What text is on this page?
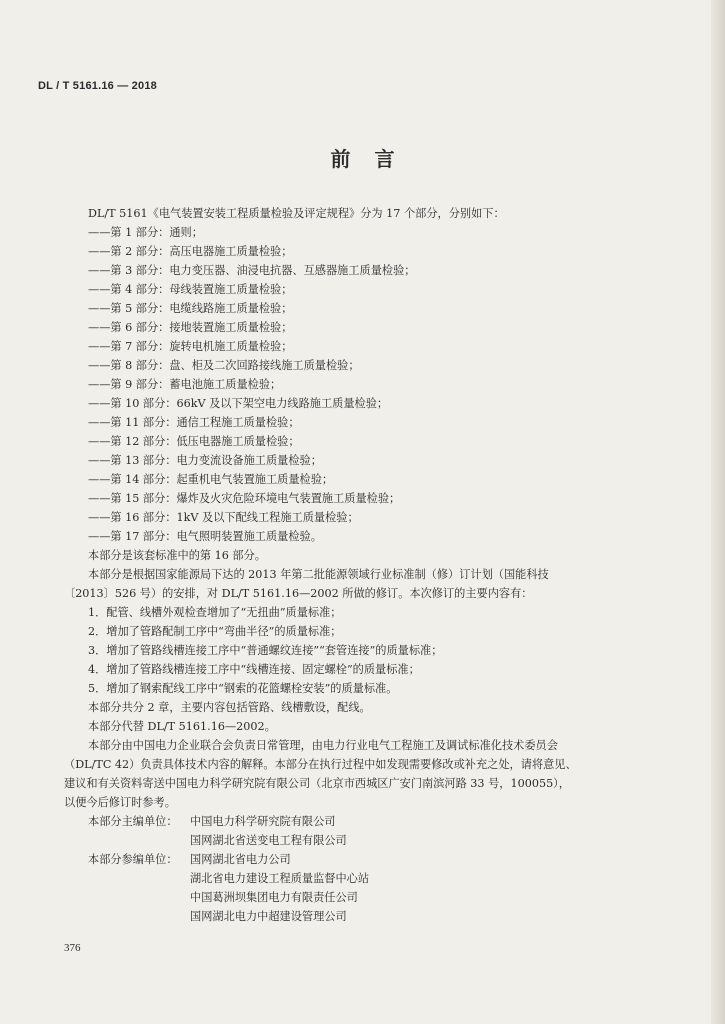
DL / T 5161.16 — 2018
前言
DL/T 5161《电气装置安装工程质量检验及评定规程》分为 17 个部分，分别如下：
——第 1 部分：通则；
——第 2 部分：高压电器施工质量检验；
——第 3 部分：电力变压器、油浸电抗器、互感器施工质量检验；
——第 4 部分：母线装置施工质量检验；
——第 5 部分：电缆线路施工质量检验；
——第 6 部分：接地装置施工质量检验；
——第 7 部分：旋转电机施工质量检验；
——第 8 部分：盘、柜及二次回路接线施工质量检验；
——第 9 部分：蓄电池施工质量检验；
——第 10 部分：66kV 及以下架空电力线路施工质量检验；
——第 11 部分：通信工程施工质量检验；
——第 12 部分：低压电器施工质量检验；
——第 13 部分：电力变流设备施工质量检验；
——第 14 部分：起重机电气装置施工质量检验；
——第 15 部分：爆炸及火灾危险环境电气装置施工质量检验；
——第 16 部分：1kV 及以下配线工程施工质量检验；
——第 17 部分：电气照明装置施工质量检验。
本部分是该套标准中的第 16 部分。
本部分是根据国家能源局下达的 2013 年第二批能源领域行业标准制（修）订计划（国能科技
〔2013〕526 号）的安排，对 DL/T 5161.16—2002 所做的修订。本次修订的主要内容有：
1．配管、线槽外观检查增加了“无扭曲”质量标准；
2．增加了管路配制工序中“弯曲半径”的质量标准；
3．增加了管路线槽连接工序中“普通螺纹连接”“套管连接”的质量标准；
4．增加了管路线槽连接工序中“线槽连接、固定螺栓”的质量标准；
5．增加了钢索配线工序中“钢索的花篮螺栓安装”的质量标准。
本部分共分 2 章，主要内容包括管路、线槽敷设，配线。
本部分代替 DL/T 5161.16—2002。
本部分由中国电力企业联合会负责日常管理，由电力行业电气工程施工及调试标准化技术委员会
（DL/TC 42）负责具体技术内容的解释。本部分在执行过程中如发现需要修改或补充之处，请将意见、
建议和有关资料寄送中国电力科学研究院有限公司（北京市西城区广安门南滨河路 33 号，100055），
以便今后修订时参考。
本部分主编单位： 中国电力科学研究院有限公司
国网湖北省送变电工程有限公司
本部分参编单位： 国网湖北省电力公司
湖北省电力建设工程质量监督中心站
中国葛洲坝集团电力有限责任公司
国网湖北电力中超建设管理公司
376
